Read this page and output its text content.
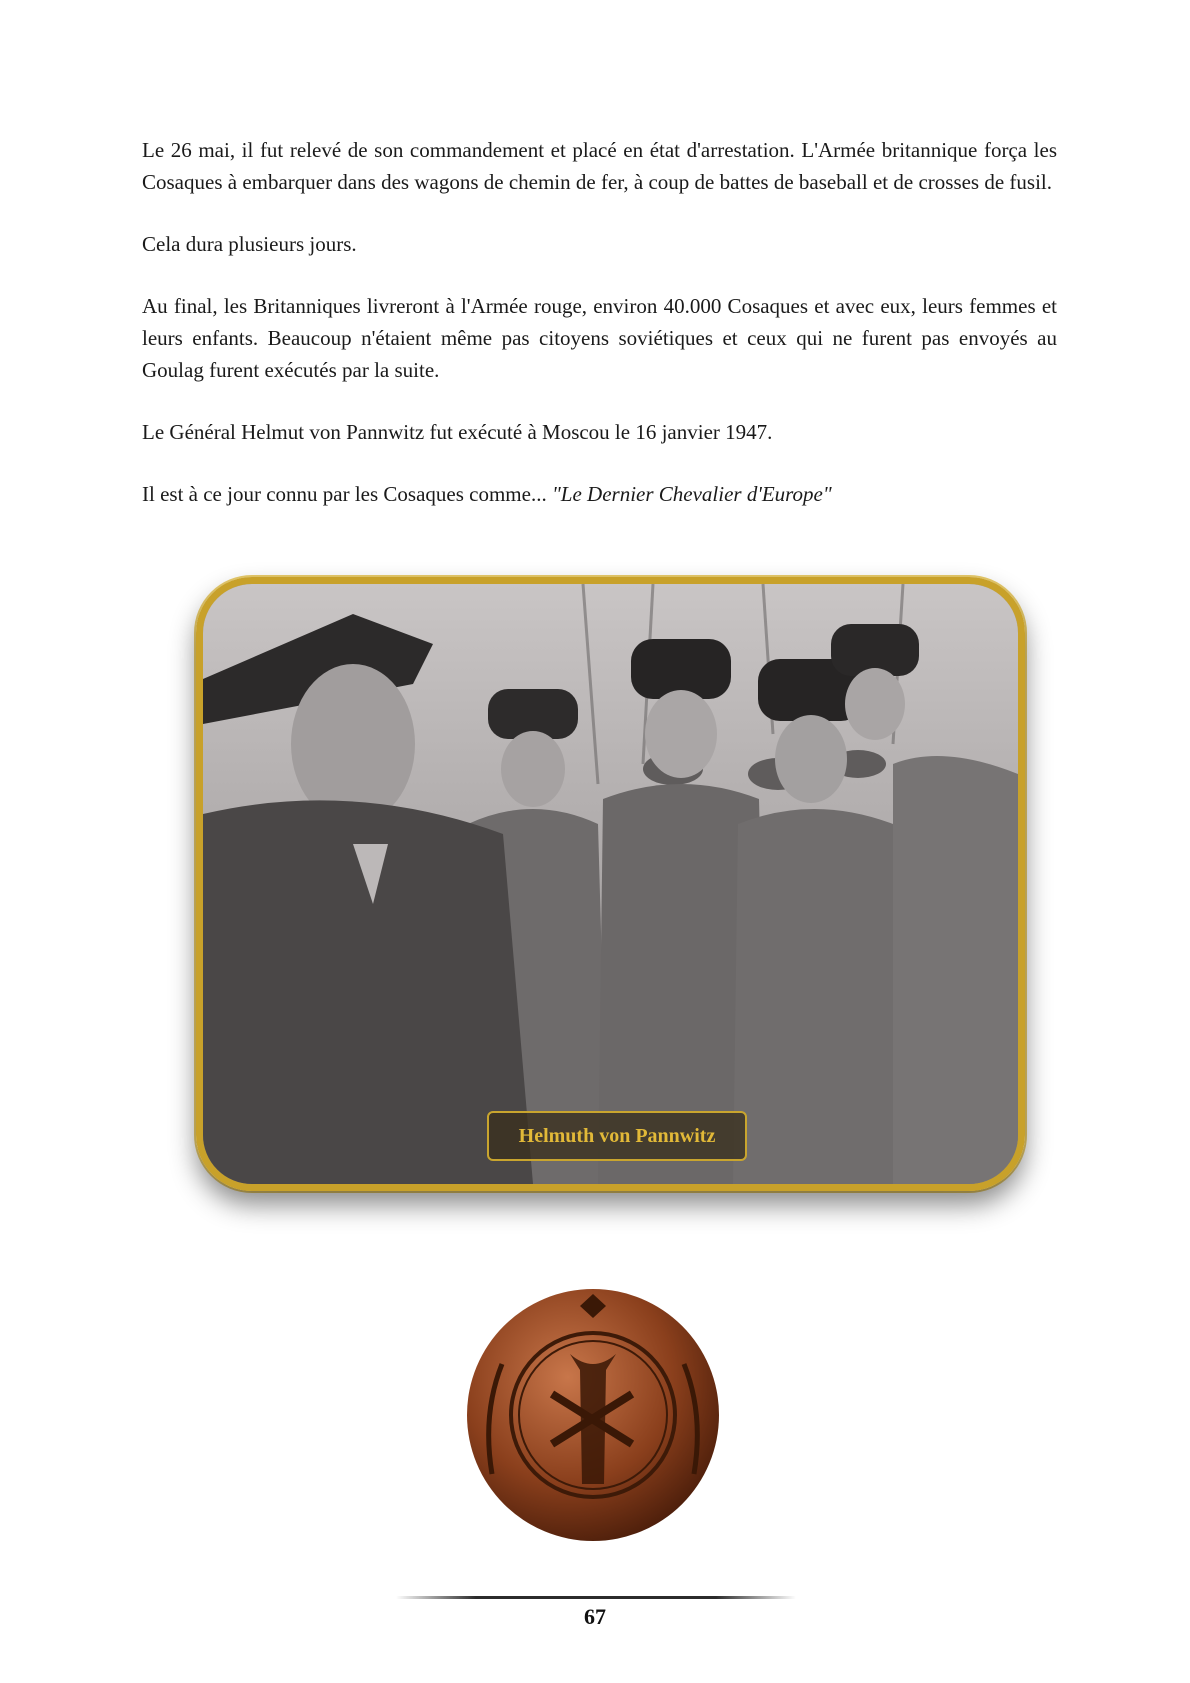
Le 26 mai, il fut relevé de son commandement et placé en état d'arrestation. L'Armée britannique força les Cosaques à embarquer dans des wagons de chemin de fer, à coup de battes de baseball et de crosses de fusil.

Cela dura plusieurs jours.

Au final, les Britanniques livreront à l'Armée rouge, environ 40.000 Cosaques et avec eux, leurs femmes et leurs enfants. Beaucoup n'étaient même pas citoyens soviétiques et ceux qui ne furent pas envoyés au Goulag furent exécutés par la suite.

Le Général Helmut von Pannwitz fut exécuté à Moscou le 16 janvier 1947.

Il est à ce jour connu par les Cosaques comme... "Le Dernier Chevalier d'Europe"

Helmuth von Pannwitz
67
